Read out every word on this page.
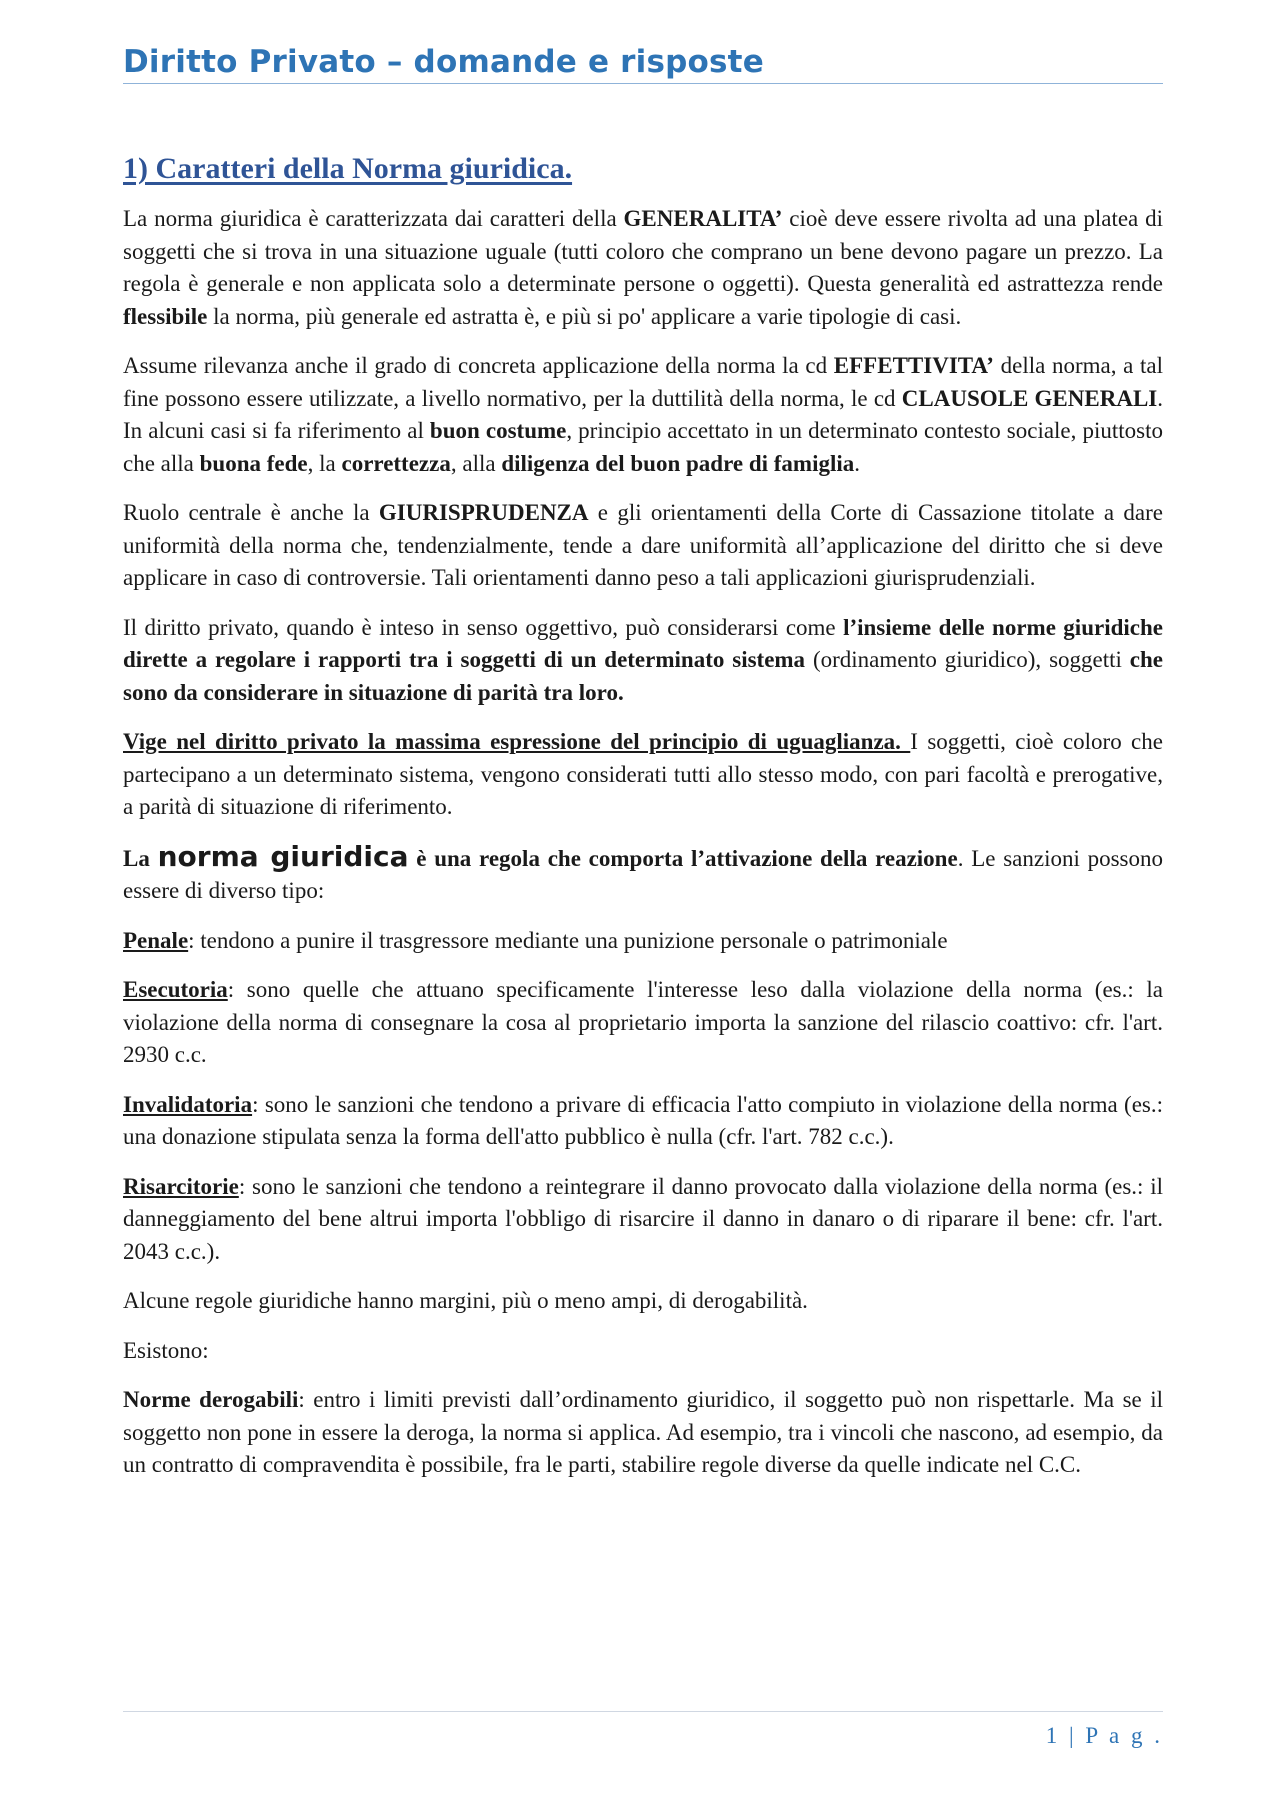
Diritto Privato – domande e risposte
1) Caratteri della Norma giuridica.

La norma giuridica è caratterizzata dai caratteri della GENERALITA’ cioè deve essere rivolta ad una platea di soggetti che si trova in una situazione uguale (tutti coloro che comprano un bene devono pagare un prezzo. La regola è generale e non applicata solo a determinate persone o oggetti). Questa generalità ed astrattezza rende flessibile la norma, più generale ed astratta è, e più si po' applicare a varie tipologie di casi.

Assume rilevanza anche il grado di concreta applicazione della norma la cd EFFETTIVITA’ della norma, a tal fine possono essere utilizzate, a livello normativo, per la duttilità della norma, le cd CLAUSOLE GENERALI. In alcuni casi si fa riferimento al buon costume, principio accettato in un determinato contesto sociale, piuttosto che alla buona fede, la correttezza, alla diligenza del buon padre di famiglia.

Ruolo centrale è anche la GIURISPRUDENZA e gli orientamenti della Corte di Cassazione titolate a dare uniformità della norma che, tendenzialmente, tende a dare uniformità all’applicazione del diritto che si deve applicare in caso di controversie. Tali orientamenti danno peso a tali applicazioni giurisprudenziali.

Il diritto privato, quando è inteso in senso oggettivo, può considerarsi come l’insieme delle norme giuridiche dirette a regolare i rapporti tra i soggetti di un determinato sistema (ordinamento giuridico), soggetti che sono da considerare in situazione di parità tra loro.

Vige nel diritto privato la massima espressione del principio di uguaglianza. I soggetti, cioè coloro che partecipano a un determinato sistema, vengono considerati tutti allo stesso modo, con pari facoltà e prerogative, a parità di situazione di riferimento.

La norma giuridica è una regola che comporta l’attivazione della reazione. Le sanzioni possono essere di diverso tipo:

Penale: tendono a punire il trasgressore mediante una punizione personale o patrimoniale

Esecutoria: sono quelle che attuano specificamente l'interesse leso dalla violazione della norma (es.: la violazione della norma di consegnare la cosa al proprietario importa la sanzione del rilascio coattivo: cfr. l'art. 2930 c.c.

Invalidatoria: sono le sanzioni che tendono a privare di efficacia l'atto compiuto in violazione della norma (es.: una donazione stipulata senza la forma dell'atto pubblico è nulla (cfr. l'art. 782 c.c.).

Risarcitorie: sono le sanzioni che tendono a reintegrare il danno provocato dalla violazione della norma (es.: il danneggiamento del bene altrui importa l'obbligo di risarcire il danno in danaro o di riparare il bene: cfr. l'art. 2043 c.c.).

Alcune regole giuridiche hanno margini, più o meno ampi, di derogabilità.

Esistono:

Norme derogabili: entro i limiti previsti dall’ordinamento giuridico, il soggetto può non rispettarle. Ma se il soggetto non pone in essere la deroga, la norma si applica. Ad esempio, tra i vincoli che nascono, ad esempio, da un contratto di compravendita è possibile, fra le parti, stabilire regole diverse da quelle indicate nel C.C.

1 | P a g .
